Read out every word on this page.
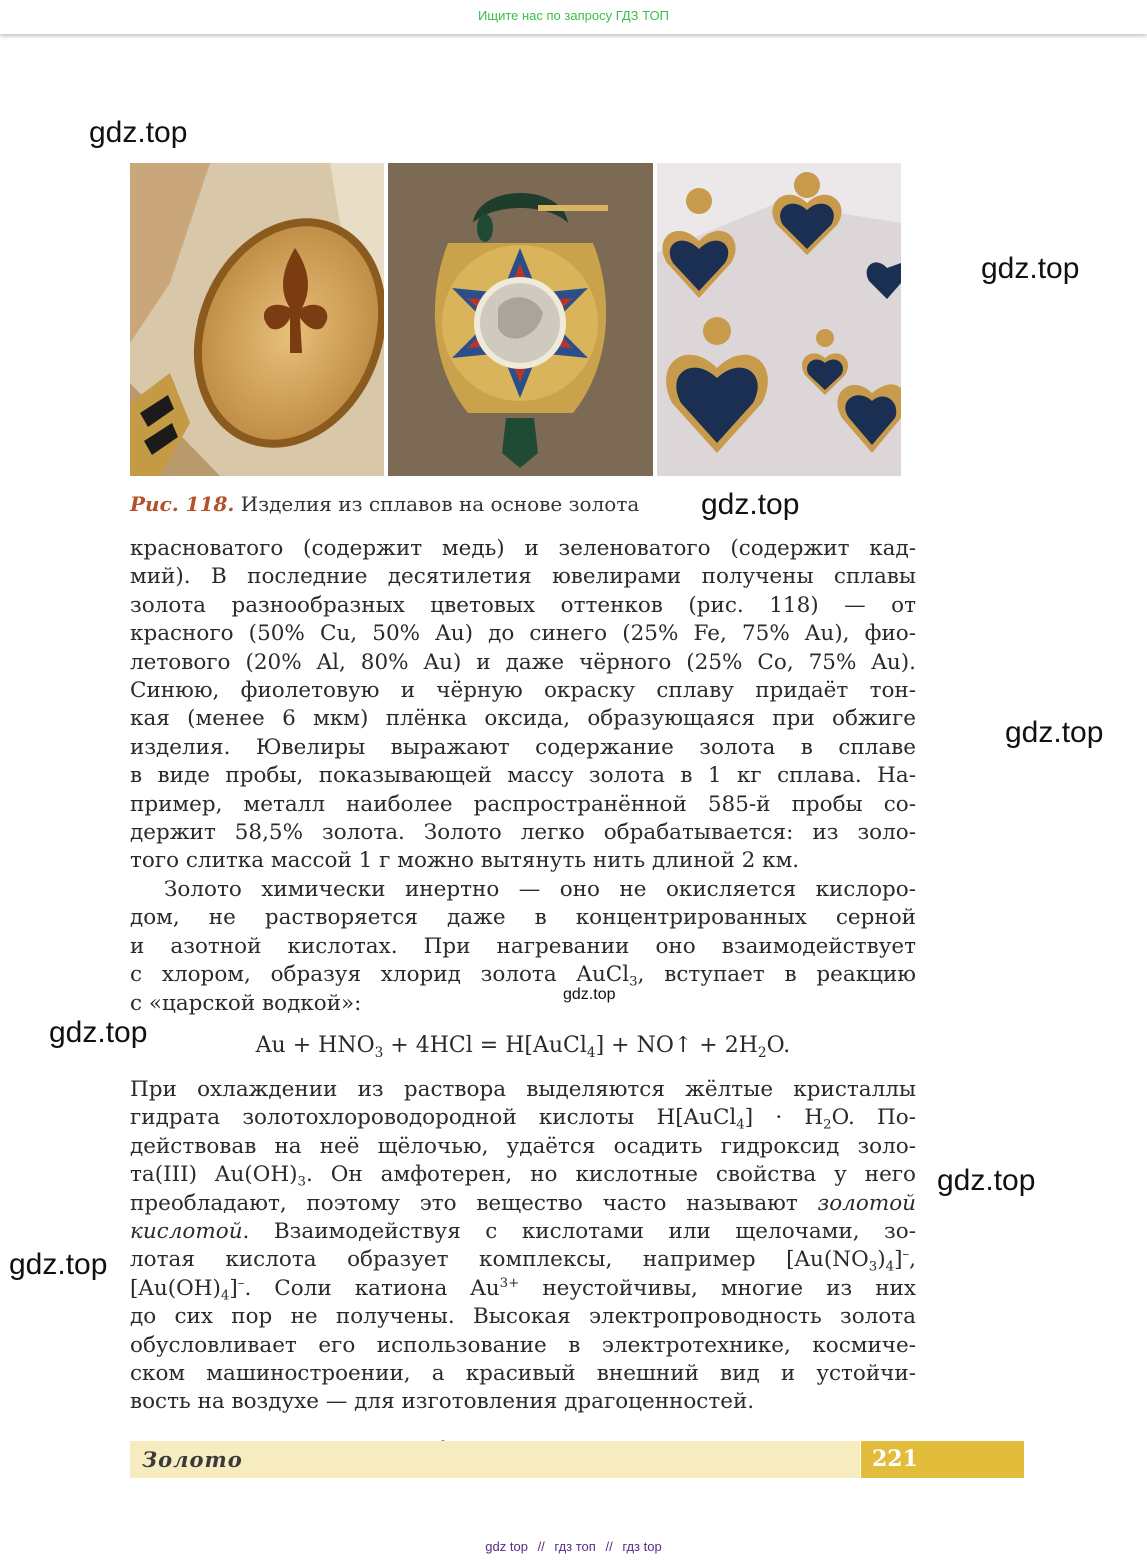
Ищите нас по запросу ГДЗ ТОП
gdz.top
gdz.top
gdz.top
gdz.top
gdz.top
gdz.top
gdz.top
gdz.top
Рис. 118. Изделия из сплавов на основе золота
красноватого (содержит медь) и зеленоватого (содержит кад-
мий). В последние десятилетия ювелирами получены сплавы
золота разнообразных цветовых оттенков (рис. 118) — от
красного (50% Cu, 50% Au) до синего (25% Fe, 75% Au), фио-
летового (20% Al, 80% Au) и даже чёрного (25% Co, 75% Au).
Синюю, фиолетовую и чёрную окраску сплаву придаёт тон-
кая (менее 6 мкм) плёнка оксида, образующаяся при обжиге
изделия. Ювелиры выражают содержание золота в сплаве
в виде пробы, показывающей массу золота в 1 кг сплава. На-
пример, металл наиболее распространённой 585-й пробы со-
держит 58,5% золота. Золото легко обрабатывается: из золо-
того слитка массой 1 г можно вытянуть нить длиной 2 км.
Золото химически инертно — оно не окисляется кислоро-
дом, не растворяется даже в концентрированных серной
и азотной кислотах. При нагревании оно взаимодействует
с хлором, образуя хлорид золота AuCl$_3$, вступает в реакцию
с «царской водкой»:
$Au + HNO_3 + 4HCl$ = H[AuCl$_4$] + NO↑ + $2H_2O$.
При охлаждении из раствора выделяются жёлтые кристаллы
гидрата золотохлороводородной кислоты H[AuCl$_4$] · $H_2O$. По-
действовав на неё щёлочью, удаётся осадить гидроксид золо-
та(III) $Au(OH)_3$. Он амфотерен, но кислотные свойства у него
преобладают, поэтому это вещество часто называют золотой
кислотой. Взаимодействуя с кислотами или щелочами, зо-
лотая кислота образует комплексы, например $[Au(NO_3)_4]^-$,
$[Au(OH)_4]^-$. Соли катиона $Au^{3+}$ неустойчивы, многие из них
до сих пор не получены. Высокая электропроводность золота
обусловливает его использование в электротехнике, космиче-
ском машиностроении, а красивый внешний вид и устойчи-
вость на воздухе — для изготовления драгоценностей.
Золото	221
gdz top // гдз топ // гдз top
